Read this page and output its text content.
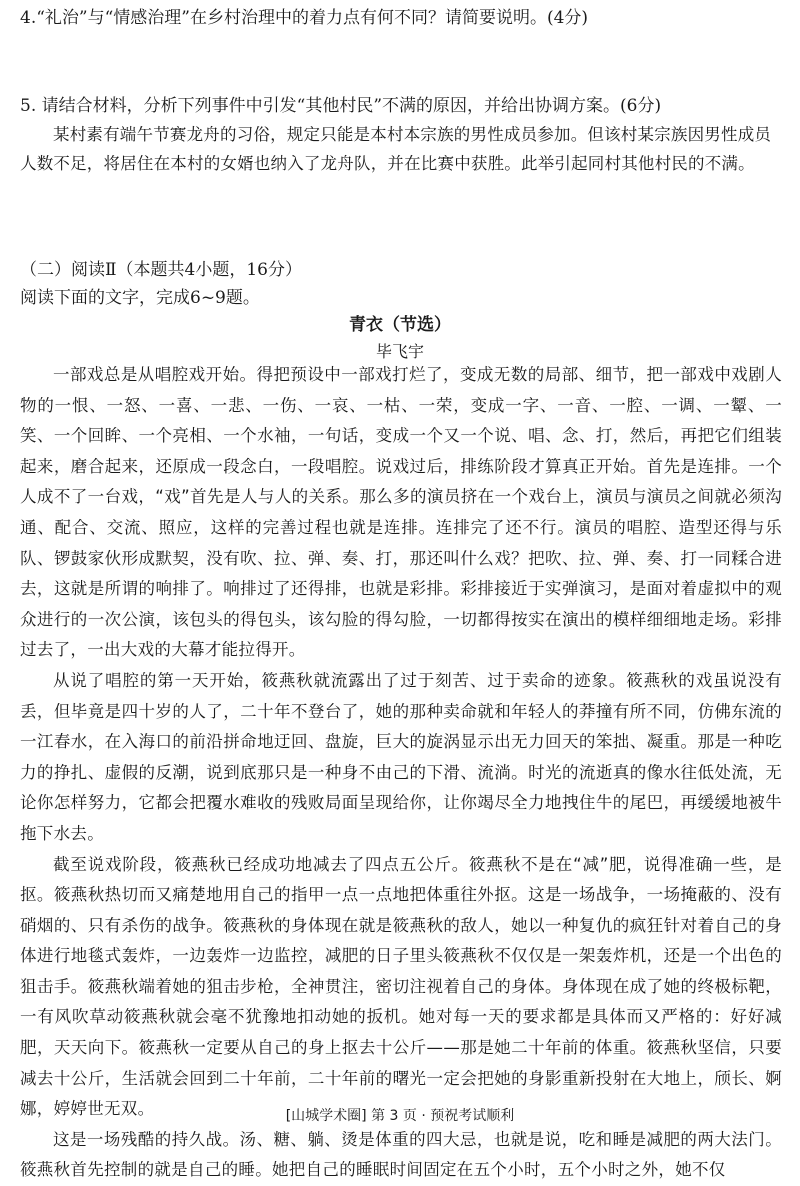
4.“礼治”与“情感治理”在乡村治理中的着力点有何不同？请简要说明。(4分)

5. 请结合材料，分析下列事件中引发“其他村民”不满的原因，并给出协调方案。(6分)

某村素有端午节赛龙舟的习俗，规定只能是本村本宗族的男性成员参加。但该村某宗族因男性成员人数不足，将居住在本村的女婿也纳入了龙舟队，并在比赛中获胜。此举引起同村其他村民的不满。

（二）阅读Ⅱ（本题共4小题，16分）

阅读下面的文字，完成6~9题。

青衣（节选）

毕飞宇

一部戏总是从唱腔戏开始。得把预设中一部戏打烂了，变成无数的局部、细节，把一部戏中戏剧人物的一恨、一怒、一喜、一悲、一伤、一哀、一枯、一荣，变成一字、一音、一腔、一调、一颦、一笑、一个回眸、一个亮相、一个水袖，一句话，变成一个又一个说、唱、念、打，然后，再把它们组装起来，磨合起来，还原成一段念白，一段唱腔。说戏过后，排练阶段才算真正开始。首先是连排。一个人成不了一台戏，“戏”首先是人与人的关系。那么多的演员挤在一个戏台上，演员与演员之间就必须沟通、配合、交流、照应，这样的完善过程也就是连排。连排完了还不行。演员的唱腔、造型还得与乐队、锣鼓家伙形成默契，没有吹、拉、弹、奏、打，那还叫什么戏？把吹、拉、弹、奏、打一同糅合进去，这就是所谓的响排了。响排过了还得排，也就是彩排。彩排接近于实弹演习，是面对着虚拟中的观众进行的一次公演，该包头的得包头，该勾脸的得勾脸，一切都得按实在演出的模样细细地走场。彩排过去了，一出大戏的大幕才能拉得开。

从说了唱腔的第一天开始，筱燕秋就流露出了过于刻苦、过于卖命的迹象。筱燕秋的戏虽说没有丢，但毕竟是四十岁的人了，二十年不登台了，她的那种卖命就和年轻人的莽撞有所不同，仿佛东流的一江春水，在入海口的前沿拼命地迂回、盘旋，巨大的旋涡显示出无力回天的笨拙、凝重。那是一种吃力的挣扎、虚假的反潮，说到底那只是一种身不由己的下滑、流淌。时光的流逝真的像水往低处流，无论你怎样努力，它都会把覆水难收的残败局面呈现给你，让你竭尽全力地拽住牛的尾巴，再缓缓地被牛拖下水去。

截至说戏阶段，筱燕秋已经成功地减去了四点五公斤。筱燕秋不是在“减”肥，说得准确一些，是抠。筱燕秋热切而又痛楚地用自己的指甲一点一点地把体重往外抠。这是一场战争，一场掩蔽的、没有硝烟的、只有杀伤的战争。筱燕秋的身体现在就是筱燕秋的敌人，她以一种复仇的疯狂针对着自己的身体进行地毯式轰炸，一边轰炸一边监控，减肥的日子里头筱燕秋不仅仅是一架轰炸机，还是一个出色的狙击手。筱燕秋端着她的狙击步枪，全神贯注，密切注视着自己的身体。身体现在成了她的终极标靶，一有风吹草动筱燕秋就会毫不犹豫地扣动她的扳机。她对每一天的要求都是具体而又严格的：好好减肥，天天向下。筱燕秋一定要从自己的身上抠去十公斤——那是她二十年前的体重。筱燕秋坚信，只要减去十公斤，生活就会回到二十年前，二十年前的曙光一定会把她的身影重新投射在大地上，颀长、婀娜，婷婷世无双。

这是一场残酷的持久战。汤、糖、躺、烫是体重的四大忌，也就是说，吃和睡是减肥的两大法门。筱燕秋首先控制的就是自己的睡。她把自己的睡眠时间固定在五个小时，五个小时之外，她不仅

[山城学术圈] 第 3 页 · 预祝考试顺利
